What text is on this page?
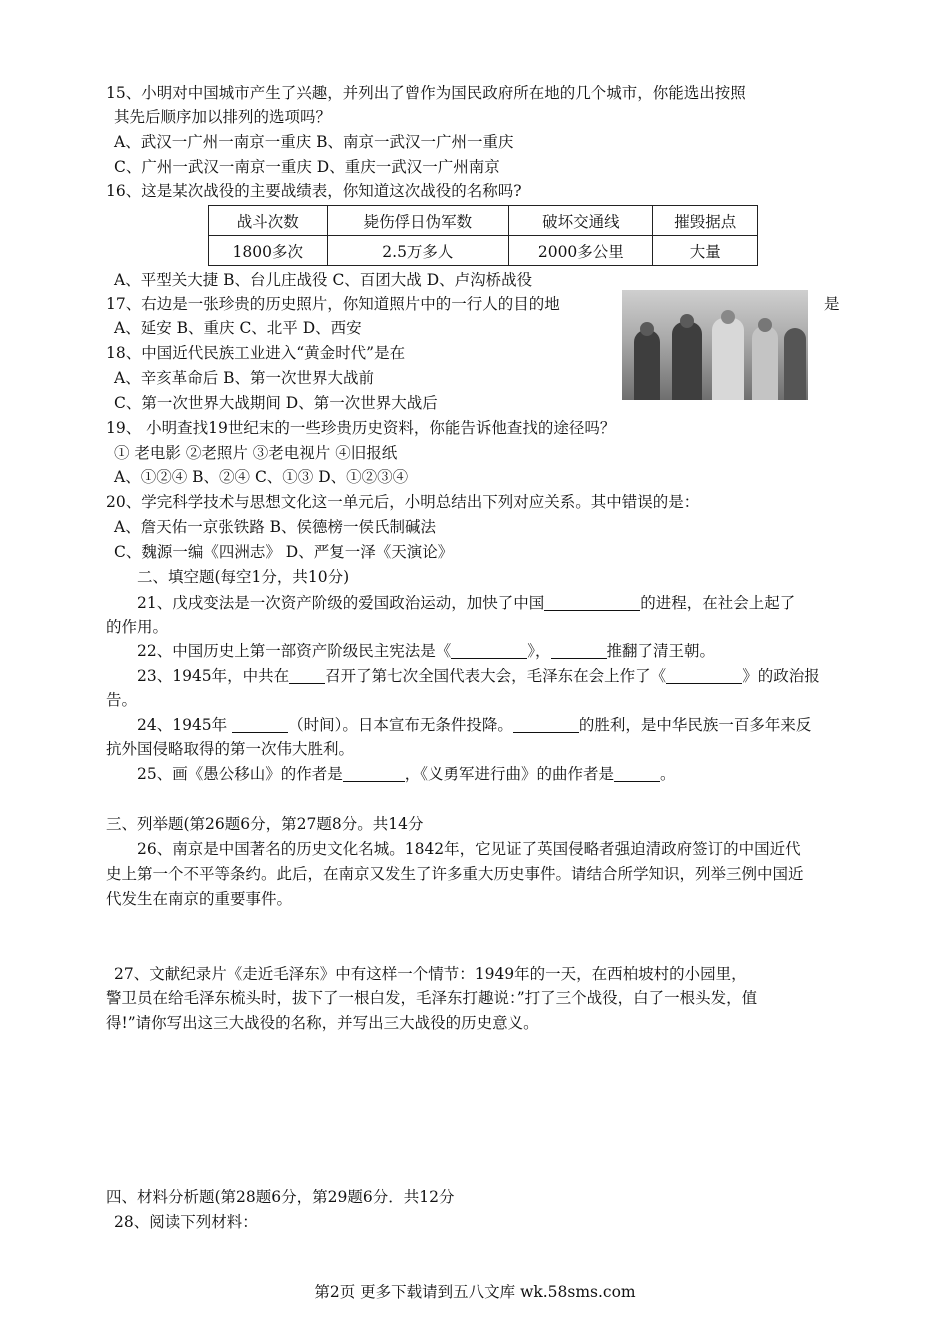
15、小明对中国城市产生了兴趣，并列出了曾作为国民政府所在地的几个城市，你能选出按照
其先后顺序加以排列的选项吗？
A、武汉一广州一南京一重庆 B、南京一武汉一广州一重庆
C、广州一武汉一南京一重庆 D、重庆一武汉一广州南京
16、这是某次战役的主要战绩表，你知道这次战役的名称吗?
战斗次数	毙伤俘日伪军数	破坏交通线	摧毁据点
1800多次	2.5万多人	2000多公里	大量
A、平型关大捷 B、台儿庄战役 C、百团大战 D、卢沟桥战役
17、右边是一张珍贵的历史照片，你知道照片中的一行人的目的地	是
A、延安 B、重庆 C、北平 D、西安
18、中国近代民族工业进入“黄金时代”是在
A、辛亥革命后 B、第一次世界大战前
C、第一次世界大战期间 D、第一次世界大战后
19、 小明查找19世纪末的一些珍贵历史资料，你能告诉他查找的途径吗？
① 老电影 ②老照片 ③老电视片 ④旧报纸
A、①②④ B、②④ C、①③ D、①②③④
20、学完科学技术与思想文化这一单元后，小明总结出下列对应关系。其中错误的是：
A、詹天佑一京张铁路 B、侯德榜一侯氏制碱法
C、魏源一编《四洲志》 D、严复一泽《天演论》
二、填空题(每空1分，共10分)
21、戊戌变法是一次资产阶级的爱国政治运动，加快了中国	的进程，在社会上起了
的作用。
22、中国历史上第一部资产阶级民主宪法是《	》，	推翻了清王朝。
23、1945年，中共在 召开了第七次全国代表大会，毛泽东在会上作了《	》的政治报
告。
24、1945年	（时间）。日本宣布无条件投降。	的胜利，是中华民族一百多年来反
抗外国侵略取得的第一次伟大胜利。
25、画《愚公移山》的作者是	，《义勇军进行曲》的曲作者是	。
三、列举题(第26题6分，第27题8分。共14分
26、南京是中国著名的历史文化名城。1842年，它见证了英国侵略者强迫清政府签订的中国近代
史上第一个不平等条约。此后，在南京又发生了许多重大历史事件。请结合所学知识，列举三例中国近
代发生在南京的重要事件。
27、文献纪录片《走近毛泽东》中有这样一个情节：1949年的一天，在西柏坡村的小园里，
警卫员在给毛泽东梳头时，拔下了一根白发，毛泽东打趣说：”打了三个战役，白了一根头发，值
得!”请你写出这三大战役的名称，并写出三大战役的历史意义。
四、材料分析题(第28题6分，第29题6分．共12分
28、阅读下列材料：
第2页 更多下载请到五八文库 wk.58sms.com
